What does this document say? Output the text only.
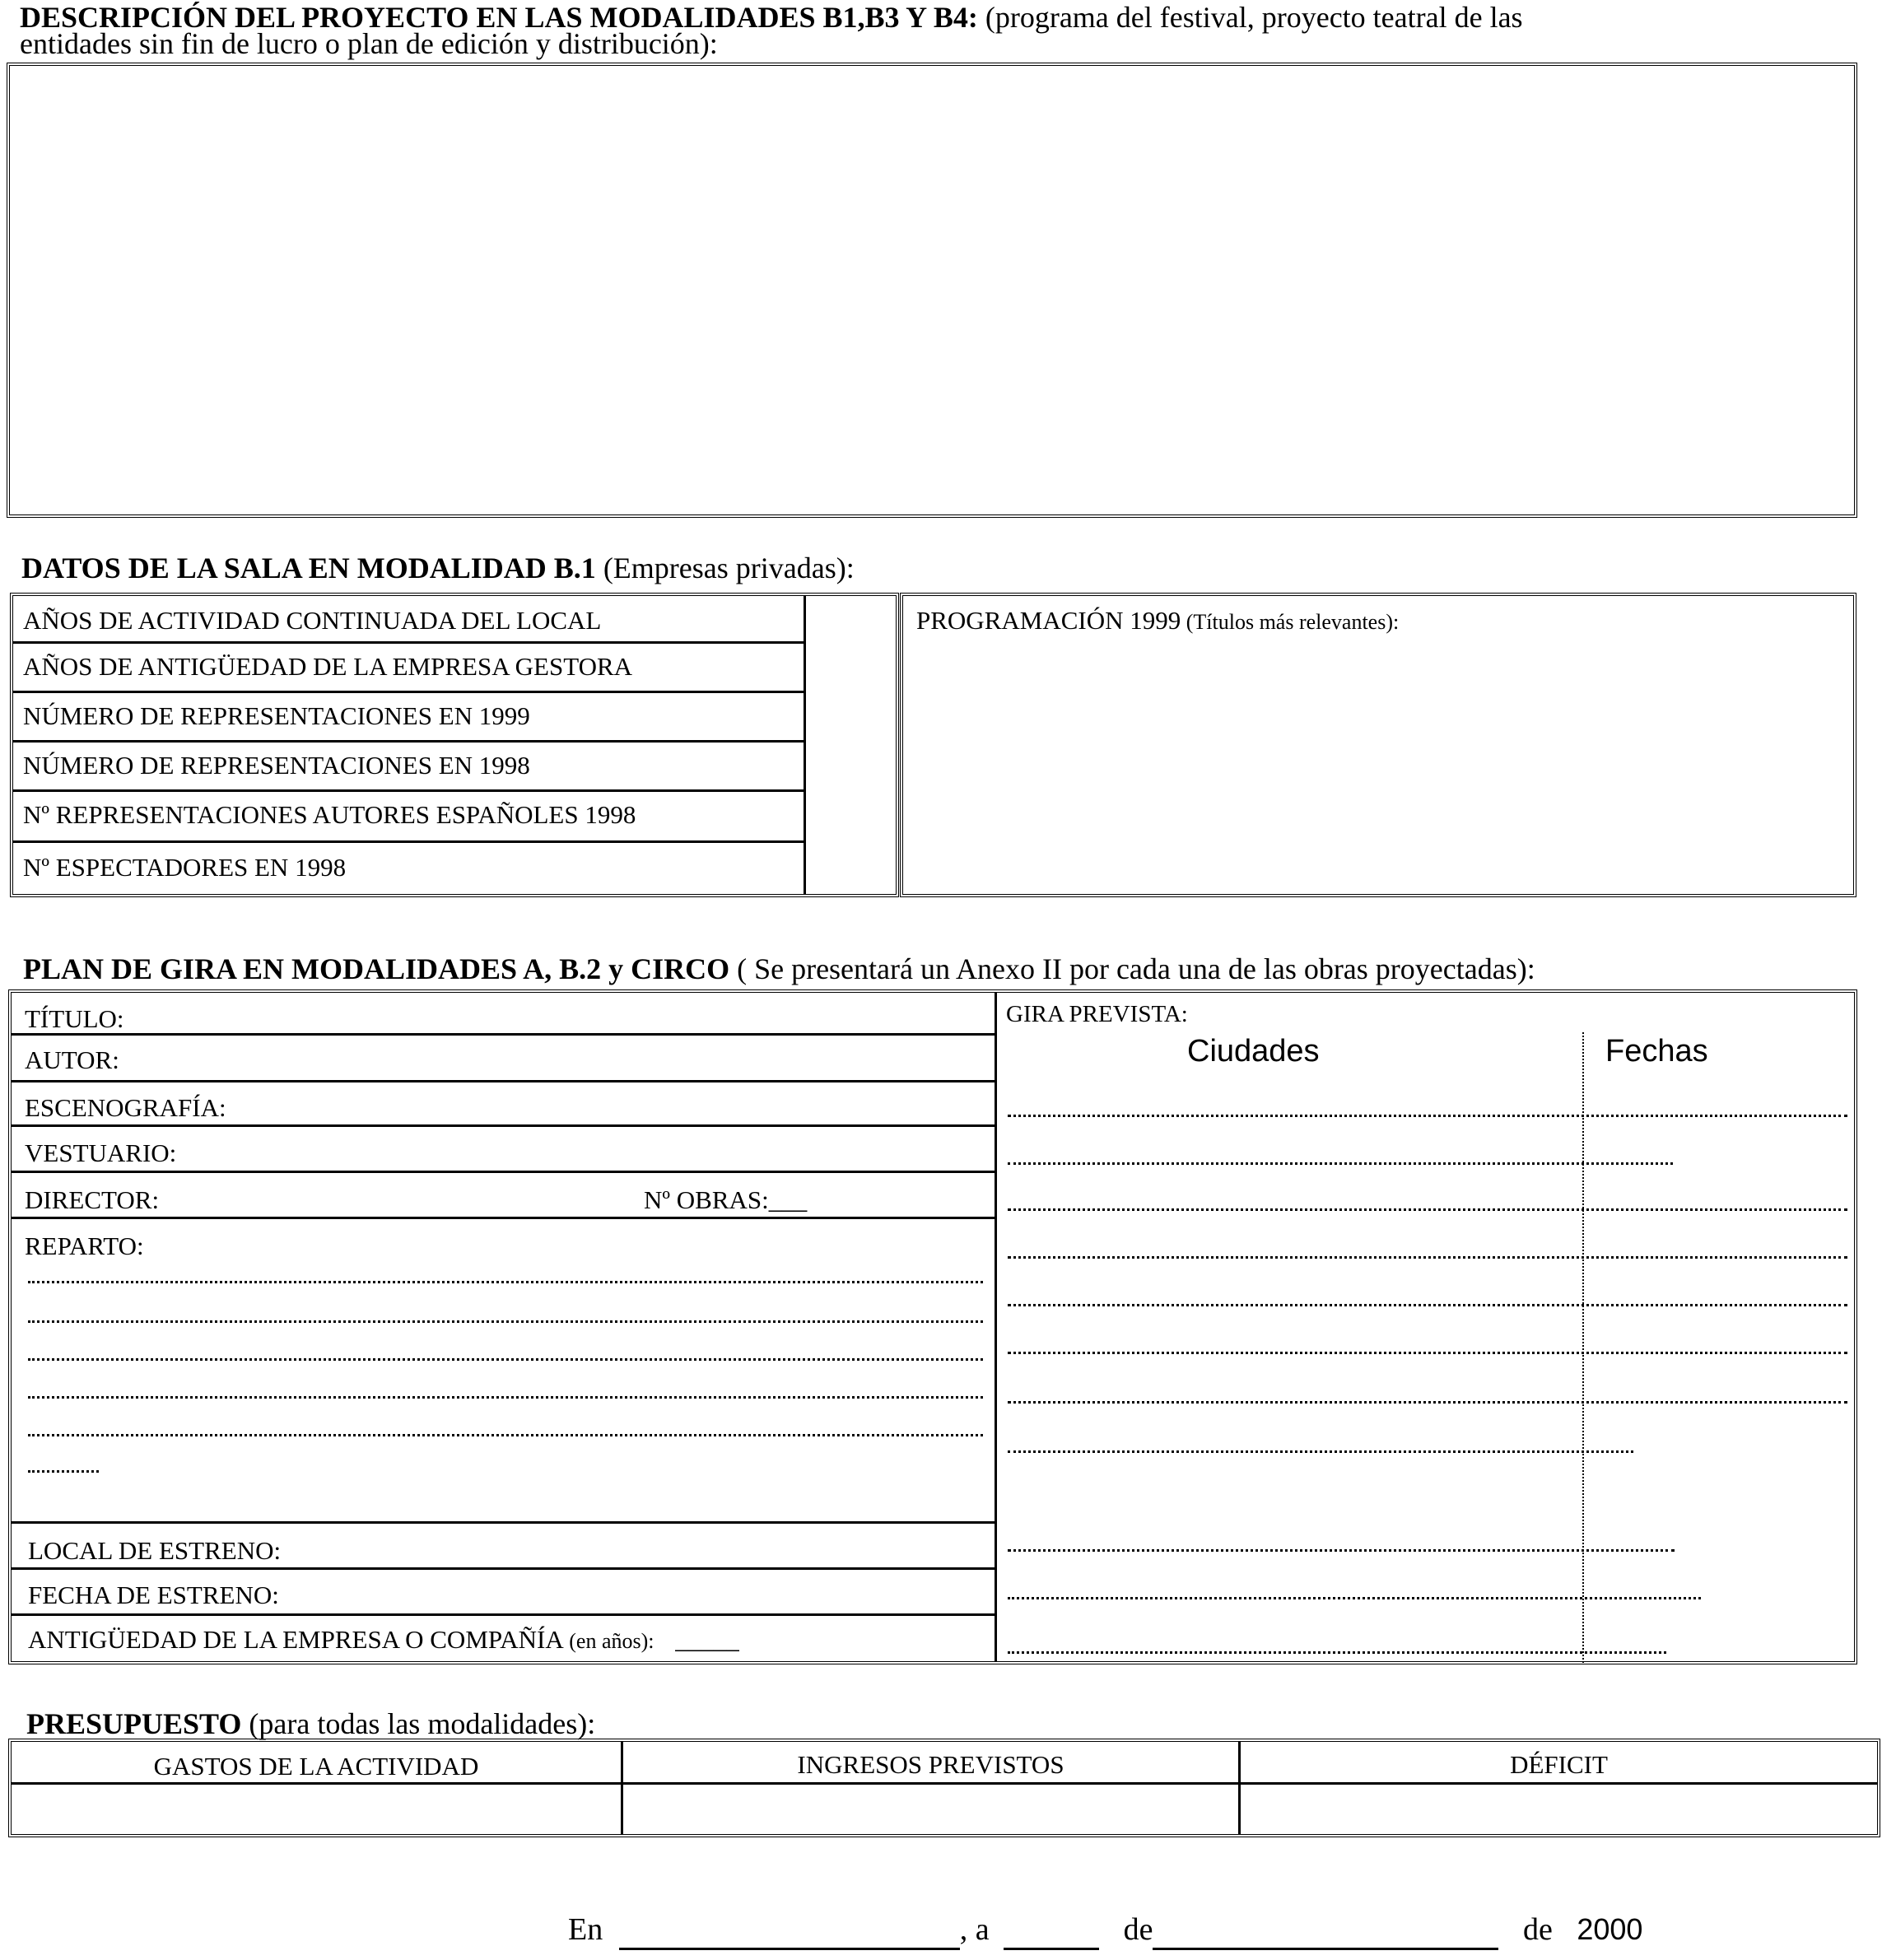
DESCRIPCIÓN DEL PROYECTO EN LAS MODALIDADES B1,B3 Y B4: (programa del festival, proyecto teatral de las
entidades sin fin de lucro o plan de edición y distribución):
DATOS DE LA SALA EN MODALIDAD B.1 (Empresas privadas):
AÑOS DE ACTIVIDAD CONTINUADA DEL LOCAL
AÑOS DE ANTIGÜEDAD DE LA EMPRESA GESTORA
NÚMERO DE REPRESENTACIONES EN 1999
NÚMERO DE REPRESENTACIONES EN 1998
Nº REPRESENTACIONES AUTORES ESPAÑOLES 1998
Nº ESPECTADORES EN 1998
PROGRAMACIÓN 1999 (Títulos más relevantes):
PLAN DE GIRA EN MODALIDADES A, B.2 y CIRCO ( Se presentará un Anexo II por cada una de las obras proyectadas):
TÍTULO:
AUTOR:
ESCENOGRAFÍA:
VESTUARIO:
DIRECTOR:	Nº OBRAS:___
REPARTO:
LOCAL DE ESTRENO:
FECHA DE ESTRENO:
ANTIGÜEDAD DE LA EMPRESA O COMPAÑÍA (en años): _____
GIRA PREVISTA:
Ciudades	Fechas
PRESUPUESTO (para todas las modalidades):
GASTOS DE LA ACTIVIDAD	INGRESOS PREVISTOS	DÉFICIT
En	, a	de	de 2000
